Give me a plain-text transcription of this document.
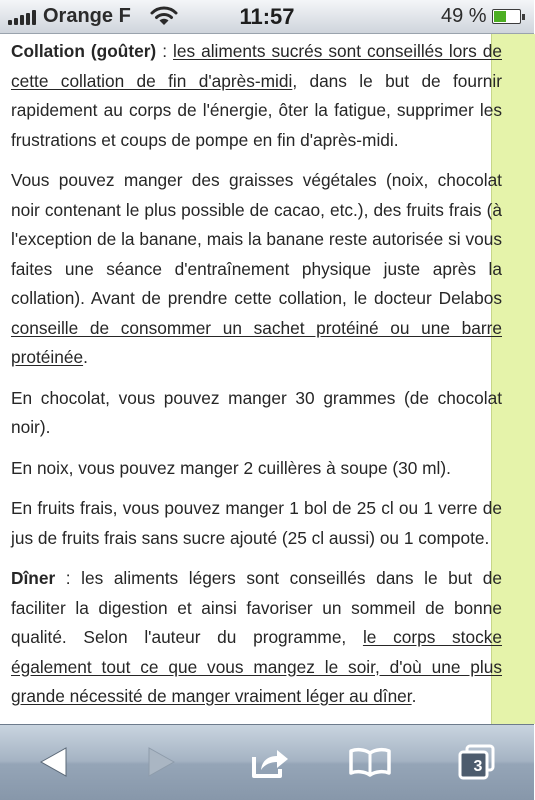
Orange F	11:57	49 %

Collation (goûter) : les aliments sucrés sont conseillés lors de cette collation de fin d'après-midi, dans le but de fournir rapidement au corps de l'énergie, ôter la fatigue, supprimer les frustrations et coups de pompe en fin d'après-midi.

Vous pouvez manger des graisses végétales (noix, chocolat noir contenant le plus possible de cacao, etc.), des fruits frais (à l'exception de la banane, mais la banane reste autorisée si vous faites une séance d'entraînement physique juste après la collation). Avant de prendre cette collation, le docteur Delabos conseille de consommer un sachet protéiné ou une barre protéinée.

En chocolat, vous pouvez manger 30 grammes (de chocolat noir).

En noix, vous pouvez manger 2 cuillères à soupe (30 ml).

En fruits frais, vous pouvez manger 1 bol de 25 cl ou 1 verre de jus de fruits frais sans sucre ajouté (25 cl aussi) ou 1 compote.

Dîner : les aliments légers sont conseillés dans le but de faciliter la digestion et ainsi favoriser un sommeil de bonne qualité. Selon l'auteur du programme, le corps stocke également tout ce que vous mangez le soir, d'où une plus grande nécessité de manger vraiment léger au dîner.

3
